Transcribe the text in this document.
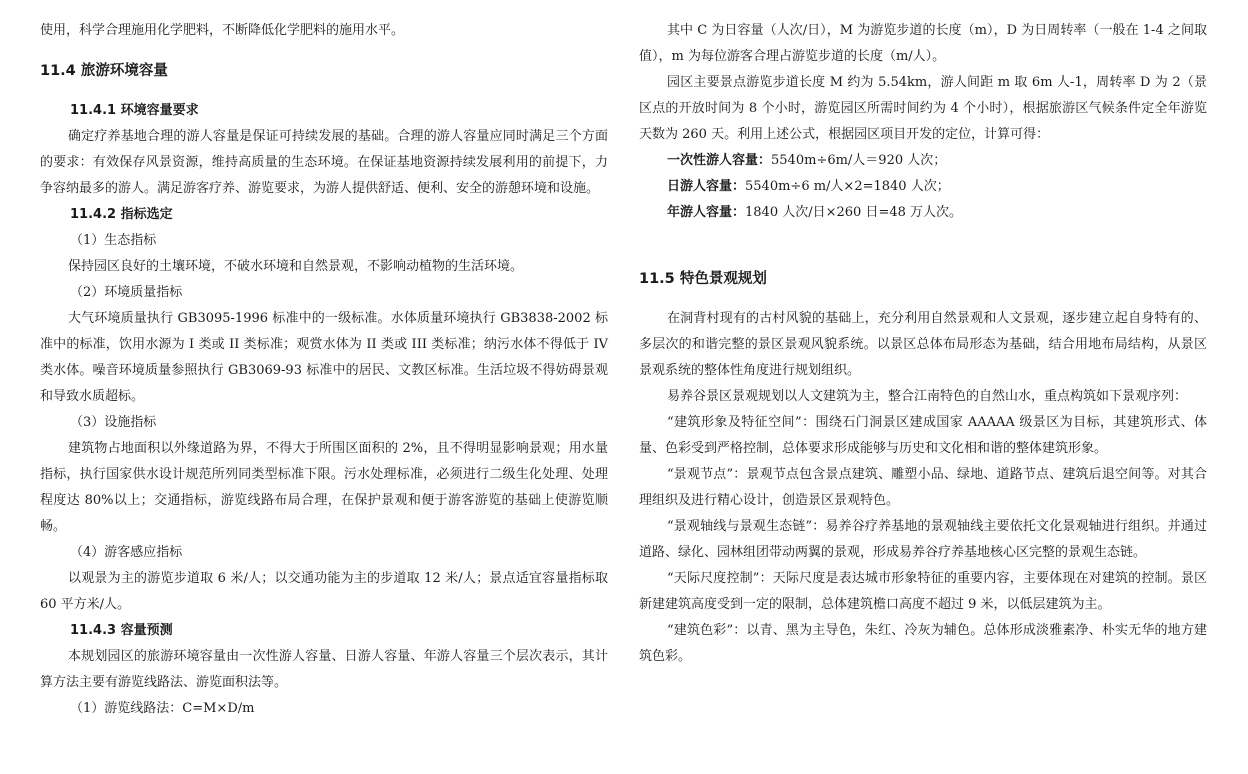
使用，科学合理施用化学肥料，不断降低化学肥料的施用水平。

11.4 旅游环境容量
11.4.1 环境容量要求

确定疗养基地合理的游人容量是保证可持续发展的基础。合理的游人容量应同时满足三个方面的要求：有效保存风景资源，维持高质量的生态环境。在保证基地资源持续发展利用的前提下，力争容纳最多的游人。满足游客疗养、游览要求，为游人提供舒适、便利、安全的游憩环境和设施。

11.4.2 指标选定

（1）生态指标

保持园区良好的土壤环境，不破水环境和自然景观，不影响动植物的生活环境。

（2）环境质量指标

大气环境质量执行 GB3095-1996 标准中的一级标准。水体质量环境执行 GB3838-2002 标准中的标准，饮用水源为 I 类或 II 类标准；观赏水体为 II 类或 III 类标准；纳污水体不得低于 IV 类水体。噪音环境质量参照执行 GB3069-93 标准中的居民、文教区标准。生活垃圾不得妨碍景观和导致水质超标。

（3）设施指标

建筑物占地面积以外缘道路为界，不得大于所围区面积的 2%，且不得明显影响景观；用水量指标，执行国家供水设计规范所列同类型标准下限。污水处理标准，必须进行二级生化处理、处理程度达 80%以上；交通指标，游览线路布局合理，在保护景观和便于游客游览的基础上使游览顺畅。

（4）游客感应指标

以观景为主的游览步道取 6 米/人；以交通功能为主的步道取 12 米/人；景点适宜容量指标取 60 平方米/人。

11.4.3 容量预测

本规划园区的旅游环境容量由一次性游人容量、日游人容量、年游人容量三个层次表示，其计算方法主要有游览线路法、游览面积法等。

（1）游览线路法：C=M×D/m

其中 C 为日容量（人次/日），M 为游览步道的长度（m），D 为日周转率（一般在 1-4 之间取值），m 为每位游客合理占游览步道的长度（m/人）。

园区主要景点游览步道长度 M 约为 5.54km，游人间距 m 取 6m 人-1，周转率 D 为 2（景区点的开放时间为 8 个小时，游览园区所需时间约为 4 个小时），根据旅游区气候条件定全年游览天数为 260 天。利用上述公式，根据园区项目开发的定位，计算可得：

一次性游人容量：5540m÷6m/人＝920 人次；

日游人容量：5540m÷6 m/人×2=1840 人次；

年游人容量：1840 人次/日×260 日=48 万人次。

11.5 特色景观规划

在洞背村现有的古村风貌的基础上，充分利用自然景观和人文景观，逐步建立起自身特有的、多层次的和谐完整的景区景观风貌系统。以景区总体布局形态为基础，结合用地布局结构，从景区景观系统的整体性角度进行规划组织。

易养谷景区景观规划以人文建筑为主，整合江南特色的自然山水，重点构筑如下景观序列：

“建筑形象及特征空间”：围绕石门洞景区建成国家 AAAAA 级景区为目标，其建筑形式、体量、色彩受到严格控制，总体要求形成能够与历史和文化相和谐的整体建筑形象。

“景观节点”：景观节点包含景点建筑、雕塑小品、绿地、道路节点、建筑后退空间等。对其合理组织及进行精心设计，创造景区景观特色。

“景观轴线与景观生态链”：易养谷疗养基地的景观轴线主要依托文化景观轴进行组织。并通过道路、绿化、园林组团带动两翼的景观，形成易养谷疗养基地核心区完整的景观生态链。

“天际尺度控制”：天际尺度是表达城市形象特征的重要内容，主要体现在对建筑的控制。景区新建建筑高度受到一定的限制，总体建筑檐口高度不超过 9 米，以低层建筑为主。

“建筑色彩”：以青、黑为主导色，朱红、冷灰为辅色。总体形成淡雅素净、朴实无华的地方建筑色彩。
